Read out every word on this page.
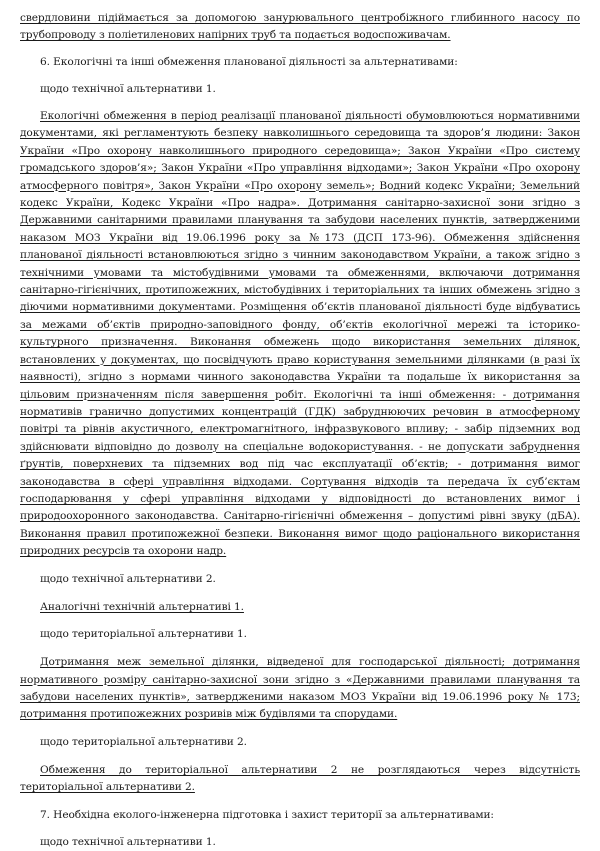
свердловини підіймається за допомогою занурювального центробіжного глибинного насосу по трубопроводу з поліетиленових напірних труб та подається водоспоживачам.

6. Екологічні та інші обмеження планованої діяльності за альтернативами:

щодо технічної альтернативи 1.

Екологічні обмеження в період реалізації планованої діяльності обумовлюються нормативними документами, які регламентують безпеку навколишнього середовища та здоров’я людини: Закон України «Про охорону навколишнього природного середовища»; Закон України «Про систему громадського здоров’я»; Закон України «Про управління відходами»; Закон України «Про охорону атмосферного повітря», Закон України «Про охорону земель»; Водний кодекс України; Земельний кодекс України, Кодекс України «Про надра». Дотримання санітарно-захисної зони згідно з Державними санітарними правилами планування та забудови населених пунктів, затвердженими наказом МОЗ України від 19.06.1996 року за №173 (ДСП 173-96). Обмеження здійснення планованої діяльності встановлюються згідно з чинним законодавством України, а також згідно з технічними умовами та містобудівними умовами та обмеженнями, включаючи дотримання санітарно-гігієнічних, протипожежних, містобудівних і територіальних та інших обмежень згідно з діючими нормативними документами. Розміщення об’єктів планованої діяльності буде відбуватись за межами об’єктів природно-заповідного фонду, об’єктів екологічної мережі та історико-культурного призначення. Виконання обмежень щодо використання земельних ділянок, встановлених у документах, що посвідчують право користування земельними ділянками (в разі їх наявності), згідно з нормами чинного законодавства України та подальше їх використання за цільовим призначенням після завершення робіт. Екологічні та інші обмеження: - дотримання нормативів гранично допустимих концентрацій (ГДК) забруднюючих речовин в атмосферному повітрі та рівнів акустичного, електромагнітного, інфразвукового впливу; - забір підземних вод здійснювати відповідно до дозволу на спеціальне водокористування. - не допускати забруднення ґрунтів, поверхневих та підземних вод під час експлуатації об’єктів; - дотримання вимог законодавства в сфері управління відходами. Сортування відходів та передача їх суб’єктам господарювання у сфері управління відходами у відповідності до встановлених вимог і природоохоронного законодавства. Санітарно-гігієнічні обмеження – допустимі рівні звуку (дБА). Виконання правил протипожежної безпеки. Виконання вимог щодо раціонального використання природних ресурсів та охорони надр.

щодо технічної альтернативи 2.

Аналогічні технічній альтернативі 1.

щодо територіальної альтернативи 1.

Дотримання меж земельної ділянки, відведеної для господарської діяльності; дотримання нормативного розміру санітарно-захисної зони згідно з «Державними правилами планування та забудови населених пунктів», затвердженими наказом МОЗ України від 19.06.1996 року № 173; дотримання протипожежних розривів між будівлями та спорудами.

щодо територіальної альтернативи 2.

Обмеження до територіальної альтернативи 2 не розглядаються через відсутність територіальної альтернативи 2.

7. Необхідна еколого-інженерна підготовка і захист території за альтернативами:

щодо технічної альтернативи 1.
